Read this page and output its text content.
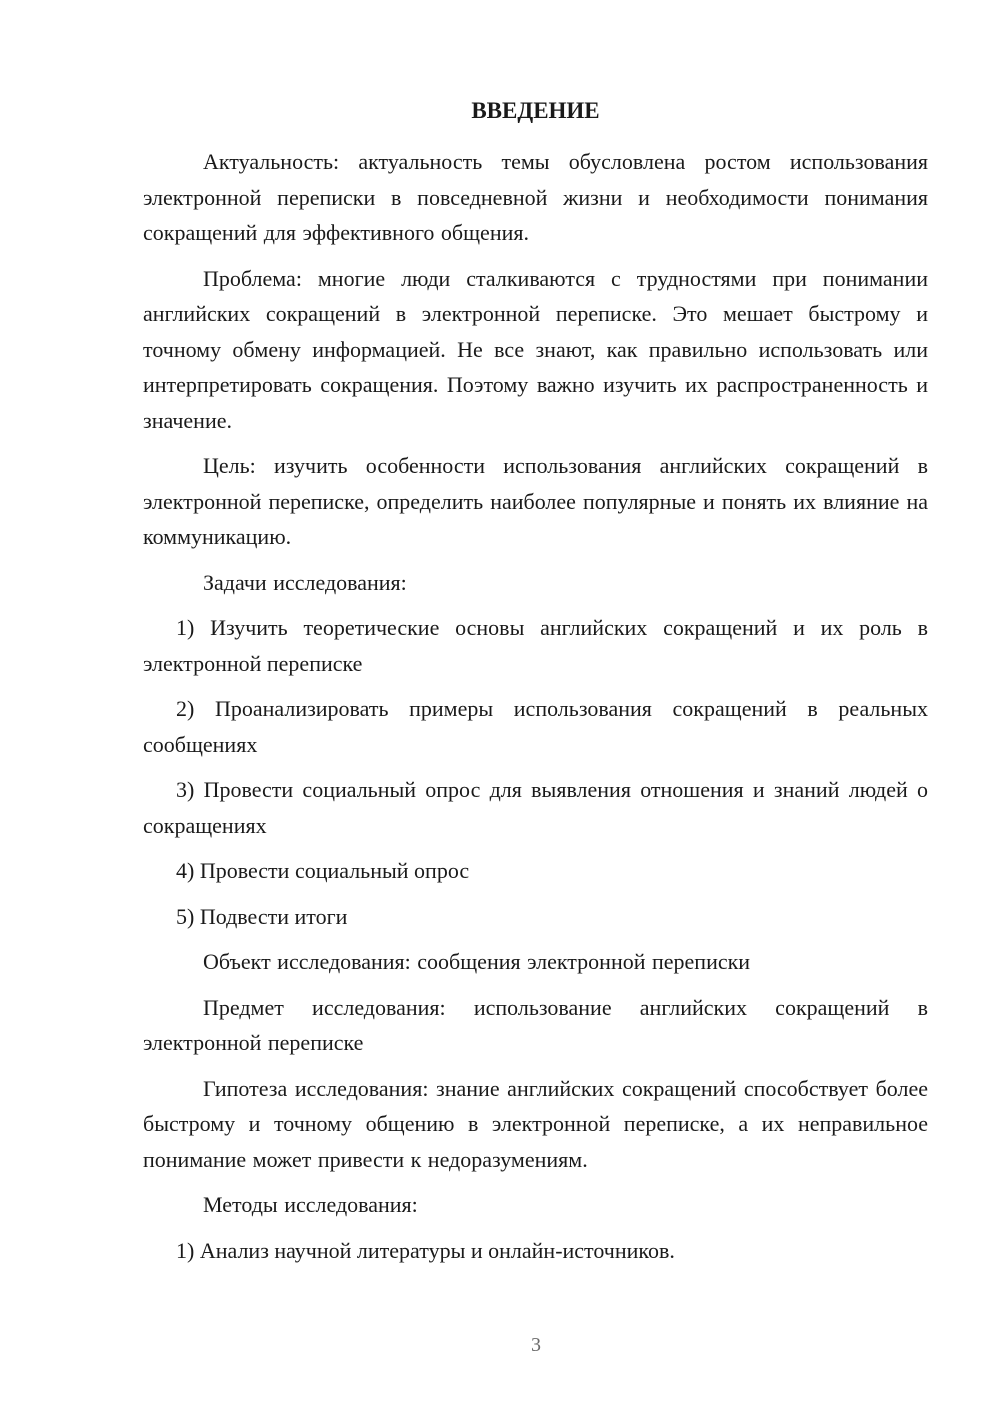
ВВЕДЕНИЕ

Актуальность: актуальность темы обусловлена ростом использования электронной переписки в повседневной жизни и необходимости понимания сокращений для эффективного общения.

Проблема: многие люди сталкиваются с трудностями при понимании английских сокращений в электронной переписке. Это мешает быстрому и точному обмену информацией. Не все знают, как правильно использовать или интерпретировать сокращения. Поэтому важно изучить их распространенность и значение.

Цель: изучить особенности использования английских сокращений в электронной переписке, определить наиболее популярные и понять их влияние на коммуникацию.

Задачи исследования:

1) Изучить теоретические основы английских сокращений и их роль в электронной переписке

2) Проанализировать примеры использования сокращений в реальных сообщениях

3) Провести социальный опрос для выявления отношения и знаний людей о сокращениях

4) Провести социальный опрос

5) Подвести итоги

Объект исследования: сообщения электронной переписки

Предмет исследования: использование английских сокращений в электронной переписке

Гипотеза исследования: знание английских сокращений способствует более быстрому и точному общению в электронной переписке, а их неправильное понимание может привести к недоразумениям.

Методы исследования:

1) Анализ научной литературы и онлайн-источников.

3
